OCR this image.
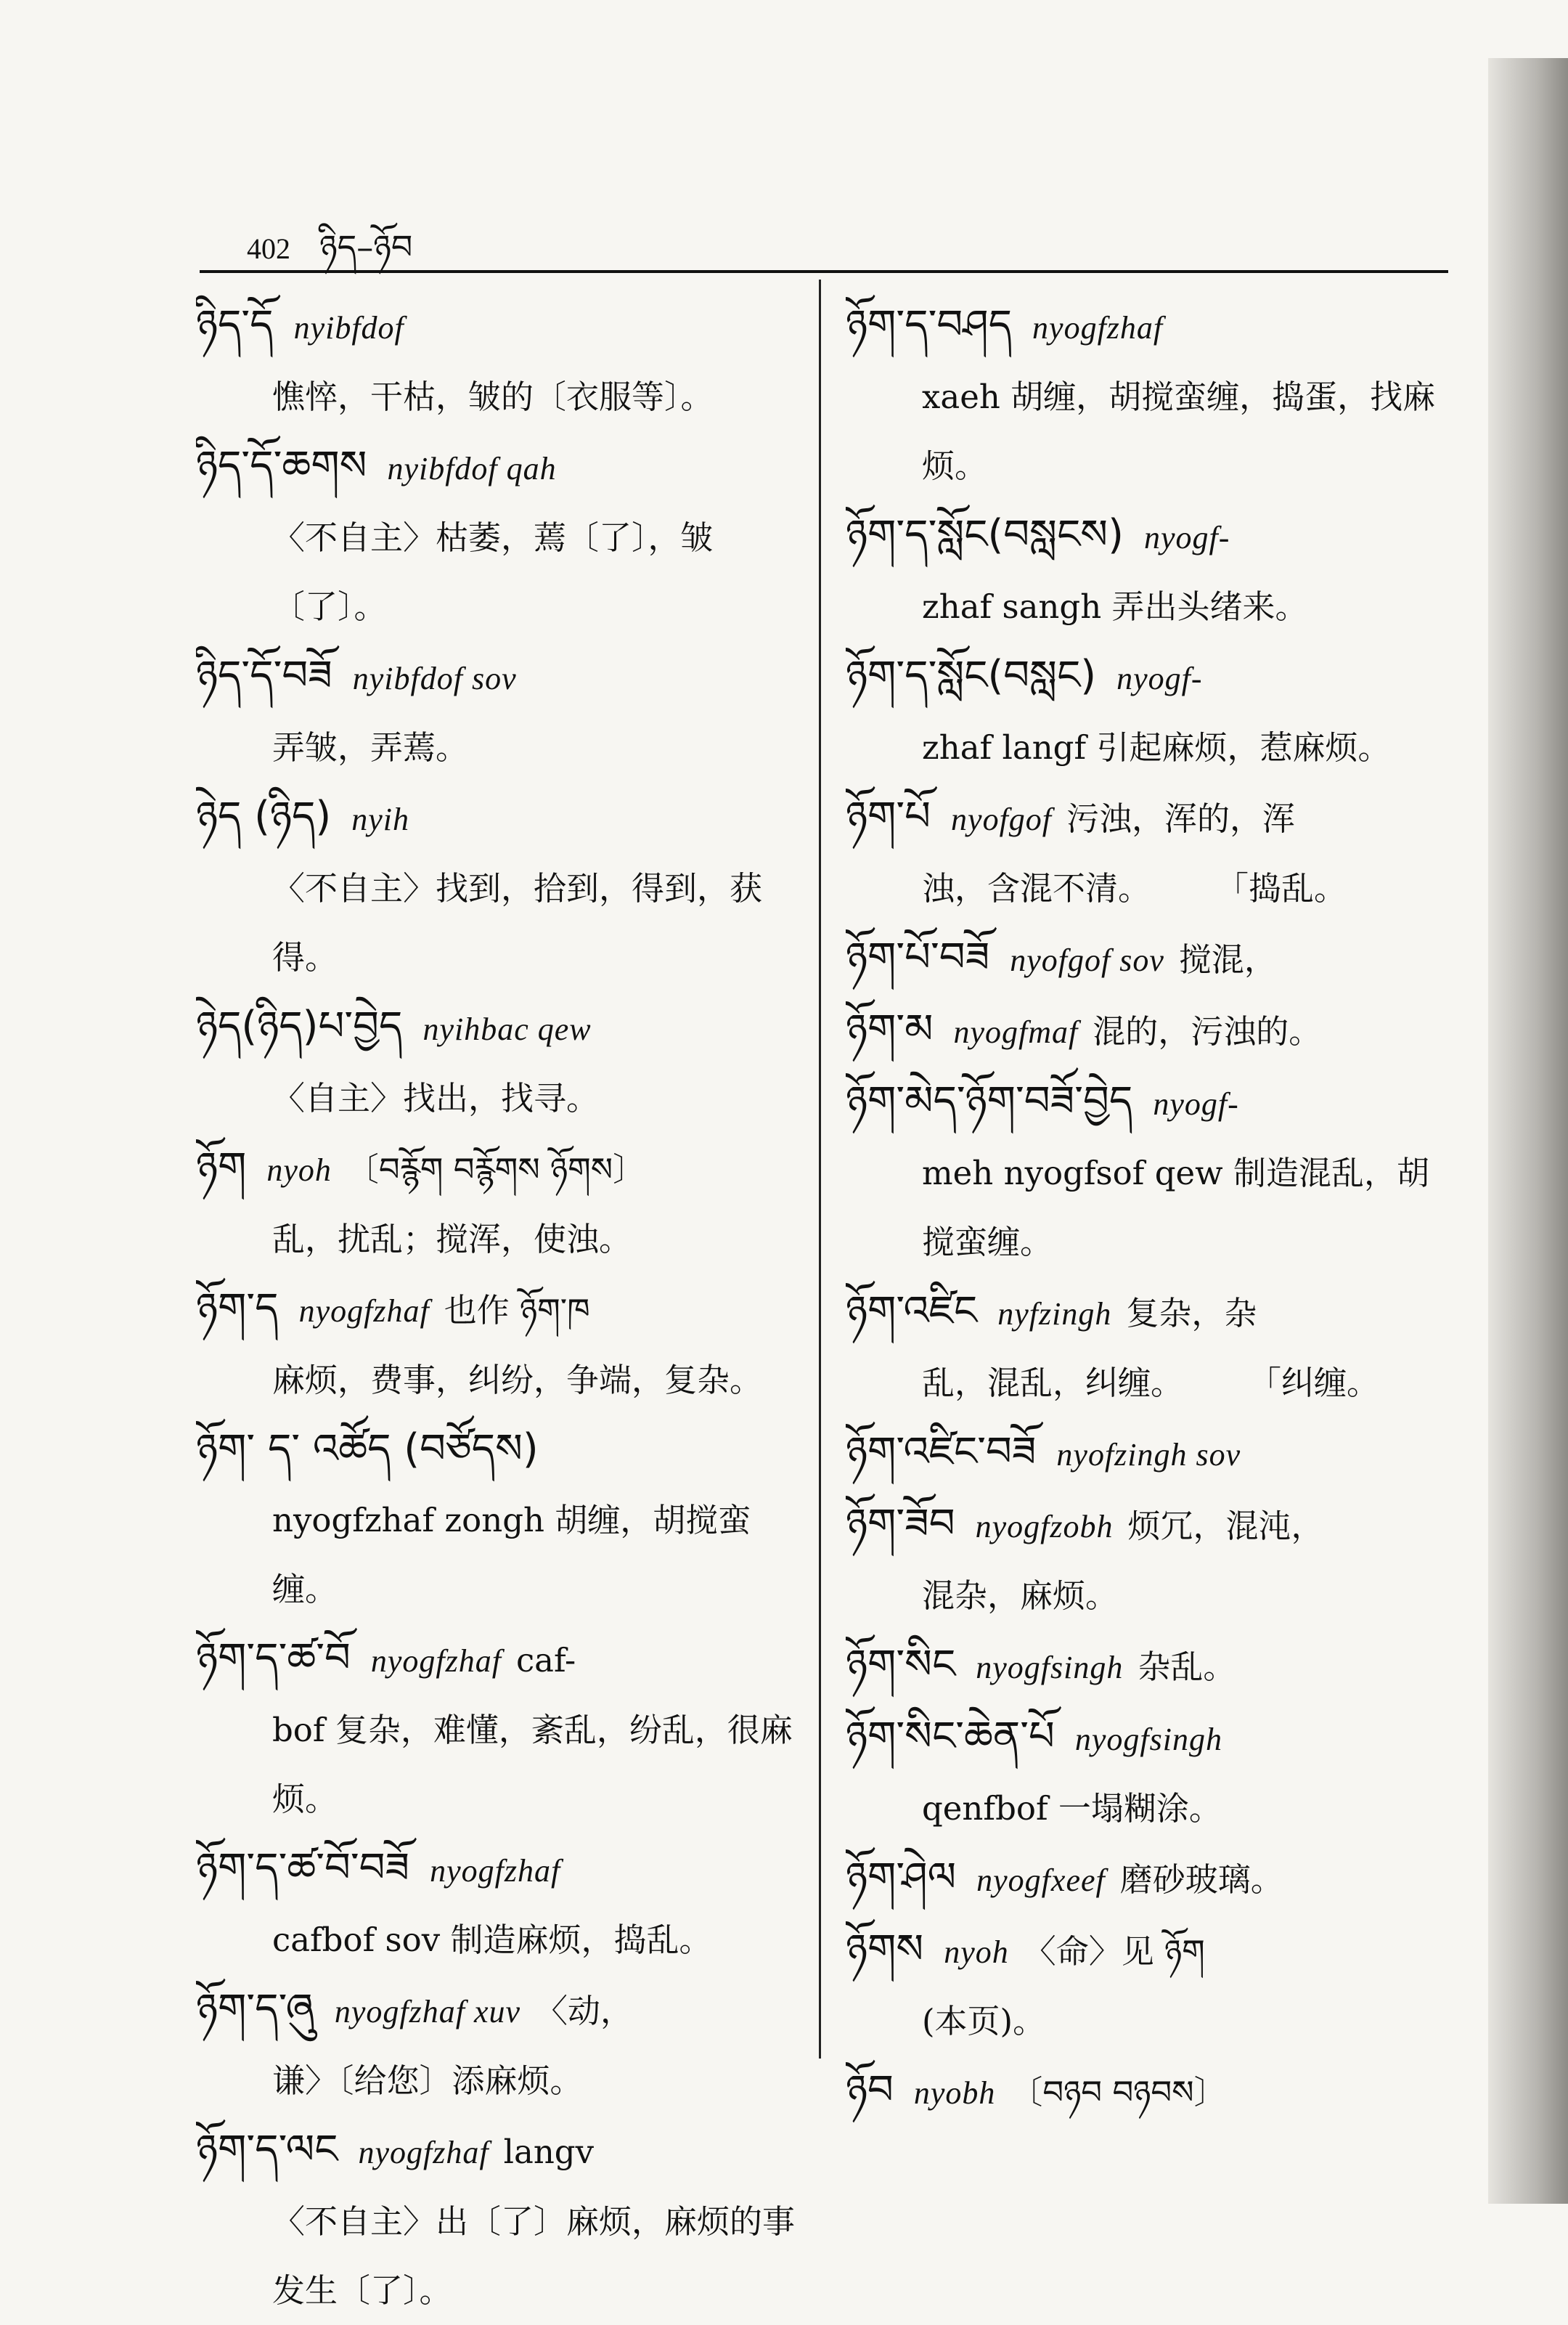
402 ཉིད–ཉོབ
ཉིད་དོ nyibfdof
憔悴，干枯，皱的〔衣服等〕。
ཉིད་དོ་ཆགས nyibfdof qah
〈不自主〉枯萎，蔫〔了〕，皱〔了〕。
ཉིད་དོ་བཟོ nyibfdof sov
弄皱，弄蔫。
ཉེད (ཉིད) nyih
〈不自主〉找到，拾到，得到，获得。
ཉེད(ཉིད)པ་བྱེད nyihbac qew
〈自主〉找出，找寻。
ཉོག nyoh 〔བརྙོག བརྙོགས ཉོགས〕
乱，扰乱；搅浑，使浊。
ཉོག་ད nyogfzhaf 也作 ཉོག་ཁ
麻烦，费事，纠纷，争端，复杂。
ཉོག་ ད་ འཚོད (བཙོདས)
nyogfzhaf zongh 胡缠，胡搅蛮缠。
ཉོག་ད་ཚ་བོ nyogfzhaf caf-
bof 复杂，难懂，紊乱，纷乱，很麻烦。
ཉོག་ད་ཚ་བོ་བཟོ nyogfzhaf
cafbof sov 制造麻烦，捣乱。
ཉོག་ད་ཞུ nyogfzhaf xuv 〈动，
谦〉〔给您〕添麻烦。
ཉོག་ད་ལང nyogfzhaf langv
〈不自主〉出〔了〕麻烦，麻烦的事发生〔了〕。
ཉོག་ད་བཤད nyogfzhaf
xaeh 胡缠，胡搅蛮缠，捣蛋，找麻烦。
ཉོག་ད་སློང(བསླངས) nyogf-
zhaf sangh 弄出头绪来。
ཉོག་ད་སློང(བསླང) nyogf-
zhaf langf 引起麻烦，惹麻烦。
ཉོག་པོ nyofgof 污浊，浑的，浑
浊，含混不清。　　　「捣乱。
ཉོག་པོ་བཟོ nyofgof sov 搅混，
ཉོག་མ nyogfmaf 混的，污浊的。
ཉོག་མེད་ཉོག་བཟོ་བྱེད nyogf-
meh nyogfsof qew 制造混乱，胡搅蛮缠。
ཉོག་འཛིང nyfzingh 复杂，杂
乱，混乱，纠缠。　　　「纠缠。
ཉོག་འཛིང་བཟོ nyofzingh sov
ཉོག་ཟོབ nyogfzobh 烦冗，混沌，
混杂，麻烦。
ཉོག་སིང nyogfsingh 杂乱。
ཉོག་སིང་ཆེན་པོ nyogfsingh
qenfbof 一塌糊涂。
ཉོག་ཤེལ nyogfxeef 磨砂玻璃。
ཉོགས nyoh 〈命〉见 ཉོག
(本页)。
ཉོབ nyobh 〔བཉབ བཉབས〕
